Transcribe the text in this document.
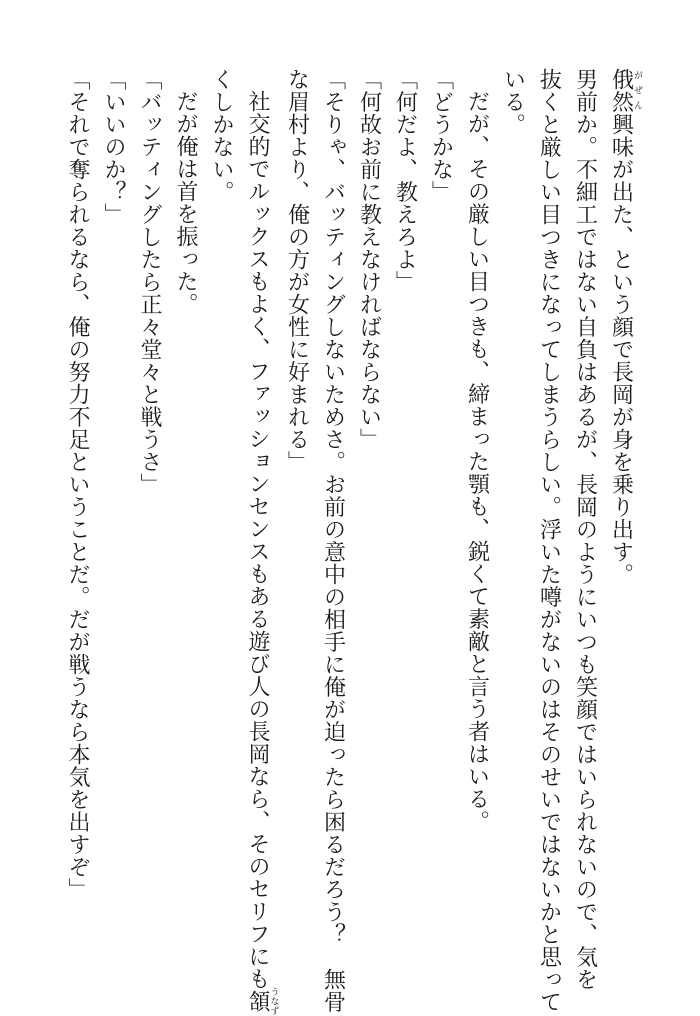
俄然がぜん興味が出た、という顔で長岡が身を乗り出す。
男前か。不細工ではない自負はあるが、長岡のようにいつも笑顔ではいられないので、気を
抜くと厳しい目つきになってしまうらしい。浮いた噂がないのはそのせいではないかと思って
いる。
だが、その厳しい目つきも、締まった顎も、鋭くて素敵と言う者はいる。
「どうかな」
「何だよ、教えろよ」
「何故お前に教えなければならない」
「そりゃ、バッティングしないためさ。お前の意中の相手に俺が迫ったら困るだろう？　無骨
な眉村より、俺の方が女性に好まれる」
社交的でルックスもよく、ファッションセンスもある遊び人の長岡なら、そのセリフにも頷うなず
くしかない。
だが俺は首を振った。
「バッティングしたら正々堂々と戦うさ」
「いいのか？」
「それで奪られるなら、俺の努力不足ということだ。だが戦うなら本気を出すぞ」
